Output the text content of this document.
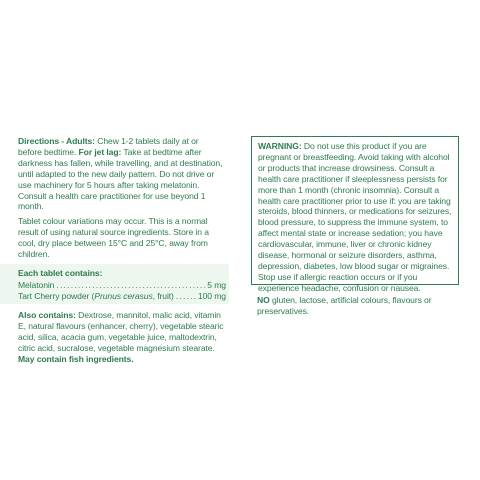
Directions - Adults: Chew 1-2 tablets daily at or before bedtime. For jet lag: Take at bedtime after darkness has fallen, while travelling, and at destination, until adapted to the new daily pattern. Do not drive or use machinery for 5 hours after taking melatonin. Consult a health care practitioner for use beyond 1 month.

Tablet colour variations may occur. This is a normal result of using natural source ingredients. Store in a cool, dry place between 15°C and 25°C, away from children.

Each tablet contains:
Melatonin .....	5 mg
Tart Cherry powder ( Prunus cerasus , fruit) .....	100 mg

Also contains: Dextrose, mannitol, malic acid, vitamin E, natural flavours (enhancer, cherry), vegetable stearic acid, silica, acacia gum, vegetable juice, maltodextrin, citric acid, sucralose, vegetable magnesium stearate.
May contain fish ingredients.

WARNING: Do not use this product if you are pregnant or breastfeeding. Avoid taking with alcohol or products that increase drowsiness. Consult a health care practitioner if sleeplessness persists for more than 1 month (chronic insomnia). Consult a health care practitioner prior to use if: you are taking steroids, blood thinners, or medications for seizures, blood pressure, to suppress the immune system, to affect mental state or increase sedation; you have cardiovascular, immune, liver or chronic kidney disease, hormonal or seizure disorders, asthma, depression, diabetes, low blood sugar or migraines. Stop use if allergic reaction occurs or if you experience headache, confusion or nausea.
NO gluten, lactose, artificial colours, flavours or preservatives.
